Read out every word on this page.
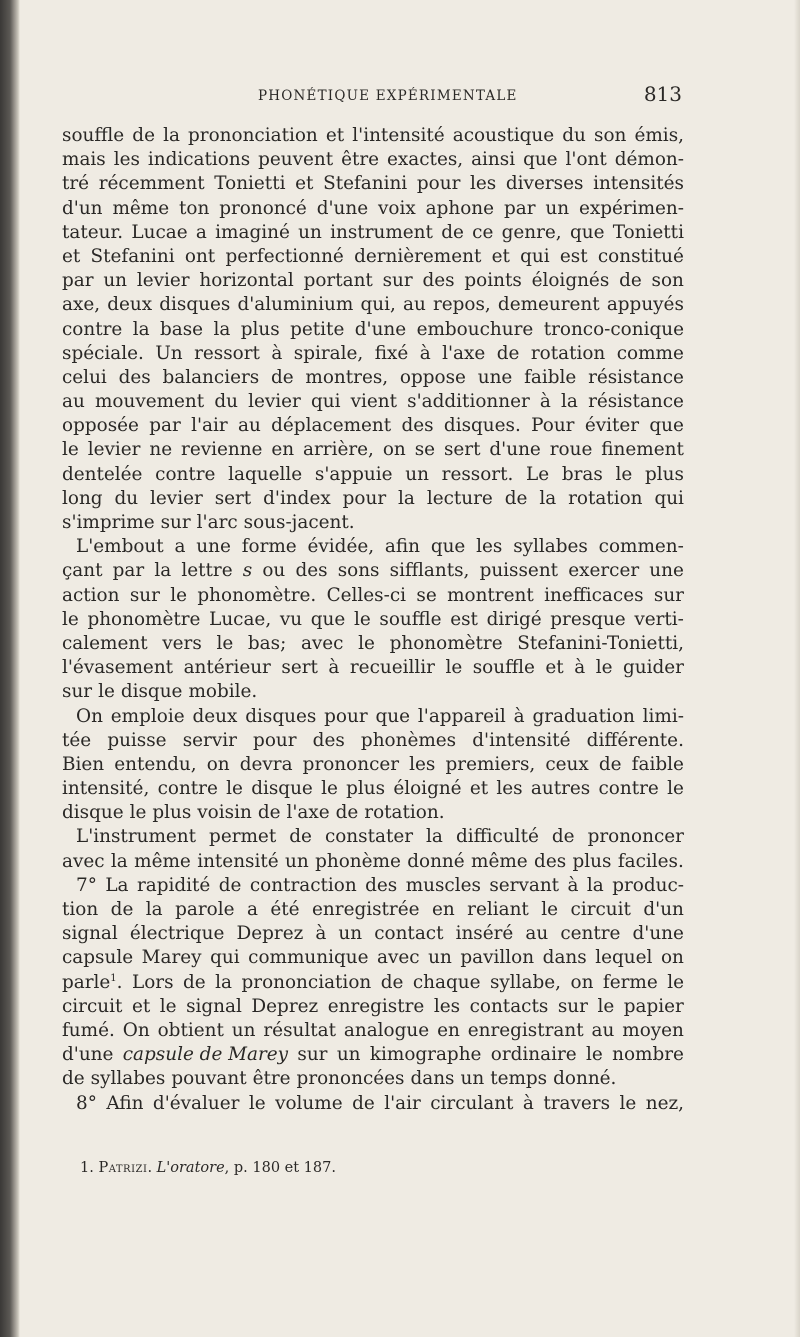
PHONÉTIQUE EXPÉRIMENTALE	813
souffle de la prononciation et l'intensité acoustique du son émis,
mais les indications peuvent être exactes, ainsi que l'ont démon-
tré récemment Tonietti et Stefanini pour les diverses intensités
d'un même ton prononcé d'une voix aphone par un expérimen-
tateur. Lucae a imaginé un instrument de ce genre, que Tonietti
et Stefanini ont perfectionné dernièrement et qui est constitué
par un levier horizontal portant sur des points éloignés de son
axe, deux disques d'aluminium qui, au repos, demeurent appuyés
contre la base la plus petite d'une embouchure tronco-conique
spéciale. Un ressort à spirale, fixé à l'axe de rotation comme
celui des balanciers de montres, oppose une faible résistance
au mouvement du levier qui vient s'additionner à la résistance
opposée par l'air au déplacement des disques. Pour éviter que
le levier ne revienne en arrière, on se sert d'une roue finement
dentelée contre laquelle s'appuie un ressort. Le bras le plus
long du levier sert d'index pour la lecture de la rotation qui
s'imprime sur l'arc sous-jacent.
L'embout a une forme évidée, afin que les syllabes commen-
çant par la lettre s ou des sons sifflants, puissent exercer une
action sur le phonomètre. Celles-ci se montrent inefficaces sur
le phonomètre Lucae, vu que le souffle est dirigé presque verti-
calement vers le bas; avec le phonomètre Stefanini-Tonietti,
l'évasement antérieur sert à recueillir le souffle et à le guider
sur le disque mobile.
On emploie deux disques pour que l'appareil à graduation limi-
tée puisse servir pour des phonèmes d'intensité différente.
Bien entendu, on devra prononcer les premiers, ceux de faible
intensité, contre le disque le plus éloigné et les autres contre le
disque le plus voisin de l'axe de rotation.
L'instrument permet de constater la difficulté de prononcer
avec la même intensité un phonème donné même des plus faciles.
7° La rapidité de contraction des muscles servant à la produc-
tion de la parole a été enregistrée en reliant le circuit d'un
signal électrique Deprez à un contact inséré au centre d'une
capsule Marey qui communique avec un pavillon dans lequel on
parle$^1$. Lors de la prononciation de chaque syllabe, on ferme le
circuit et le signal Deprez enregistre les contacts sur le papier
fumé. On obtient un résultat analogue en enregistrant au moyen
d'une capsule de Marey sur un kimographe ordinaire le nombre
de syllabes pouvant être prononcées dans un temps donné.
8° Afin d'évaluer le volume de l'air circulant à travers le nez,
1. Patrizi. L'oratore, p. 180 et 187.
